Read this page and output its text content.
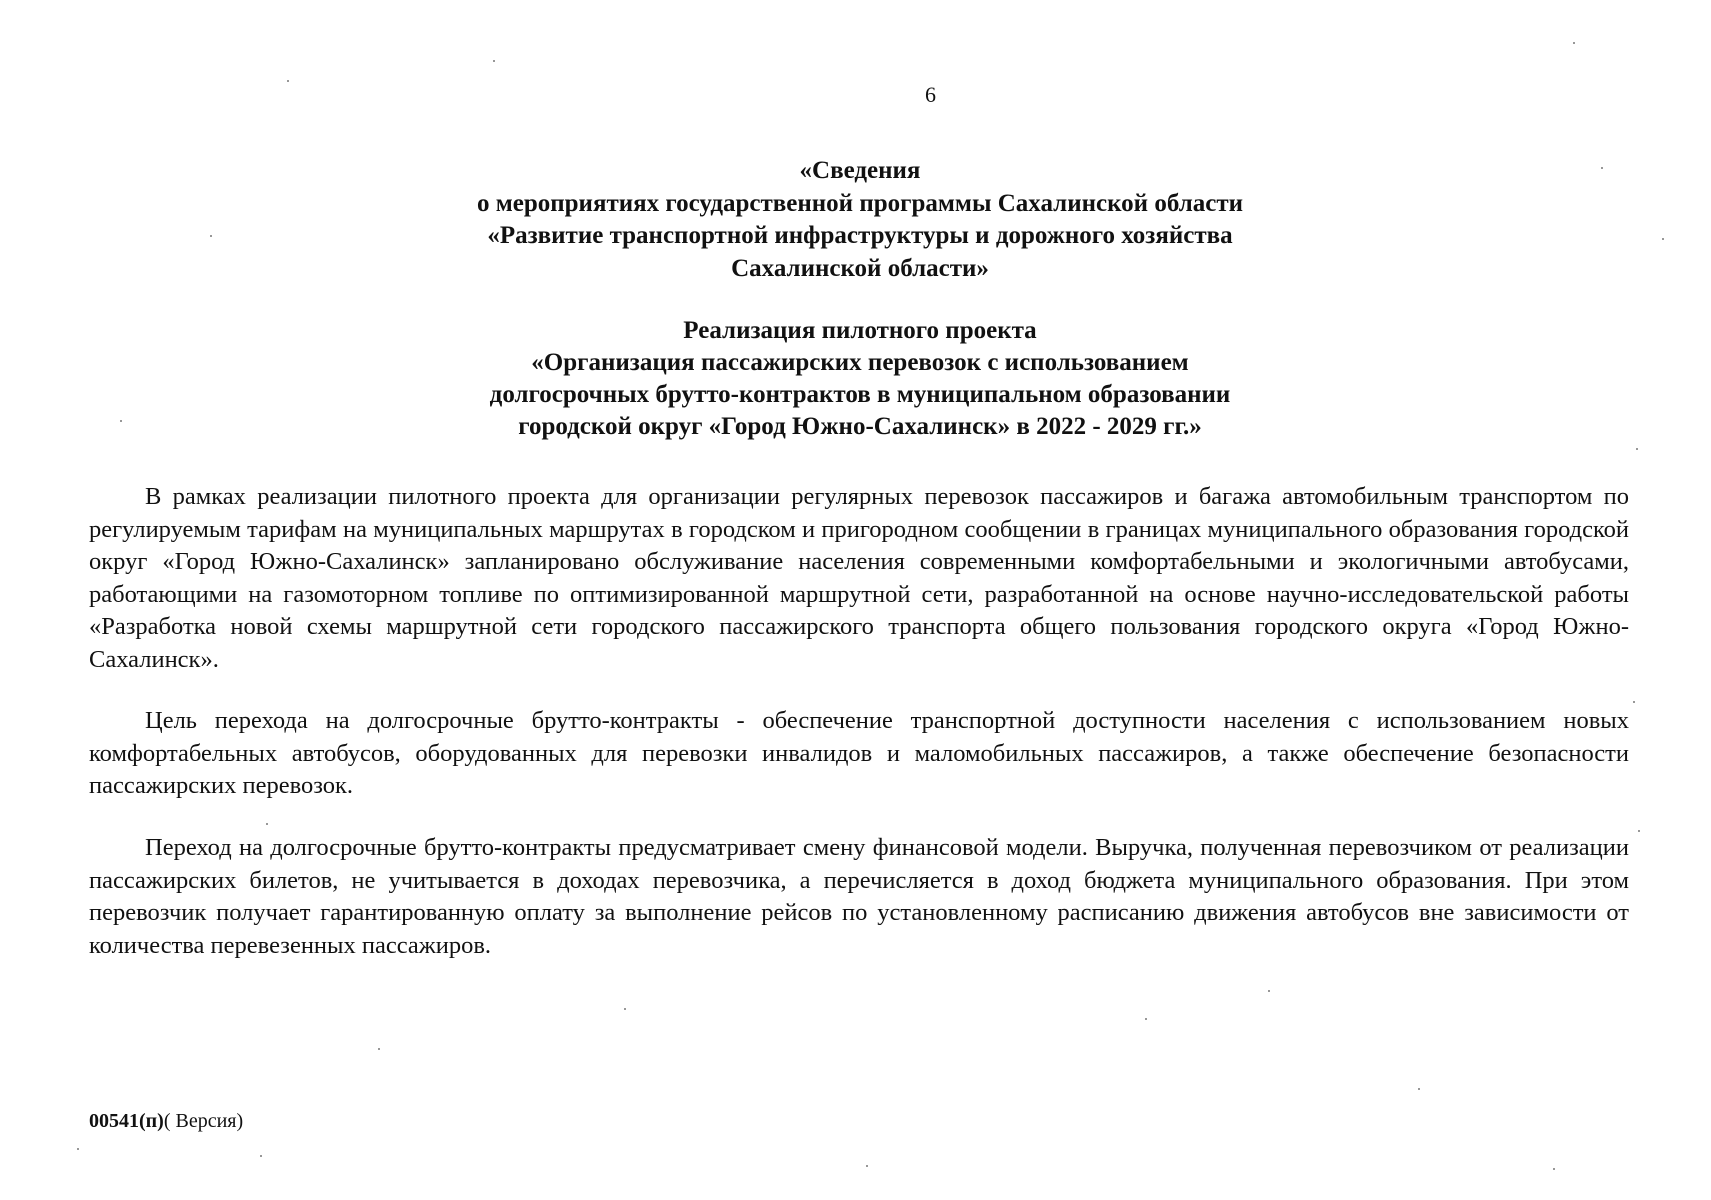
6
«Сведения
о мероприятиях государственной программы Сахалинской области
«Развитие транспортной инфраструктуры и дорожного хозяйства
Сахалинской области»
Реализация пилотного проекта
«Организация пассажирских перевозок с использованием
долгосрочных брутто-контрактов в муниципальном образовании
городской округ «Город Южно-Сахалинск» в 2022 - 2029 гг.»

В рамках реализации пилотного проекта для организации регулярных перевозок пассажиров и багажа автомобильным транспортом по регулируемым тарифам на муниципальных маршрутах в городском и пригородном сообщении в границах муниципального образования городской округ «Город Южно-Сахалинск» запланировано обслуживание населения современными комфортабельными и экологичными автобусами, работающими на газомоторном топливе по оптимизированной маршрутной сети, разработанной на основе научно-исследовательской работы «Разработка новой схемы маршрутной сети городского пассажирского транспорта общего пользования городского округа «Город Южно-Сахалинск».

Цель перехода на долгосрочные брутто-контракты - обеспечение транспортной доступности населения с использованием новых комфортабельных автобусов, оборудованных для перевозки инвалидов и маломобильных пассажиров, а также обеспечение безопасности пассажирских перевозок.

Переход на долгосрочные брутто-контракты предусматривает смену финансовой модели. Выручка, полученная перевозчиком от реализации пассажирских билетов, не учитывается в доходах перевозчика, а перечисляется в доход бюджета муниципального образования. При этом перевозчик получает гарантированную оплату за выполнение рейсов по установленному расписанию движения автобусов вне зависимости от количества перевезенных пассажиров.

00541(п)( Версия)
